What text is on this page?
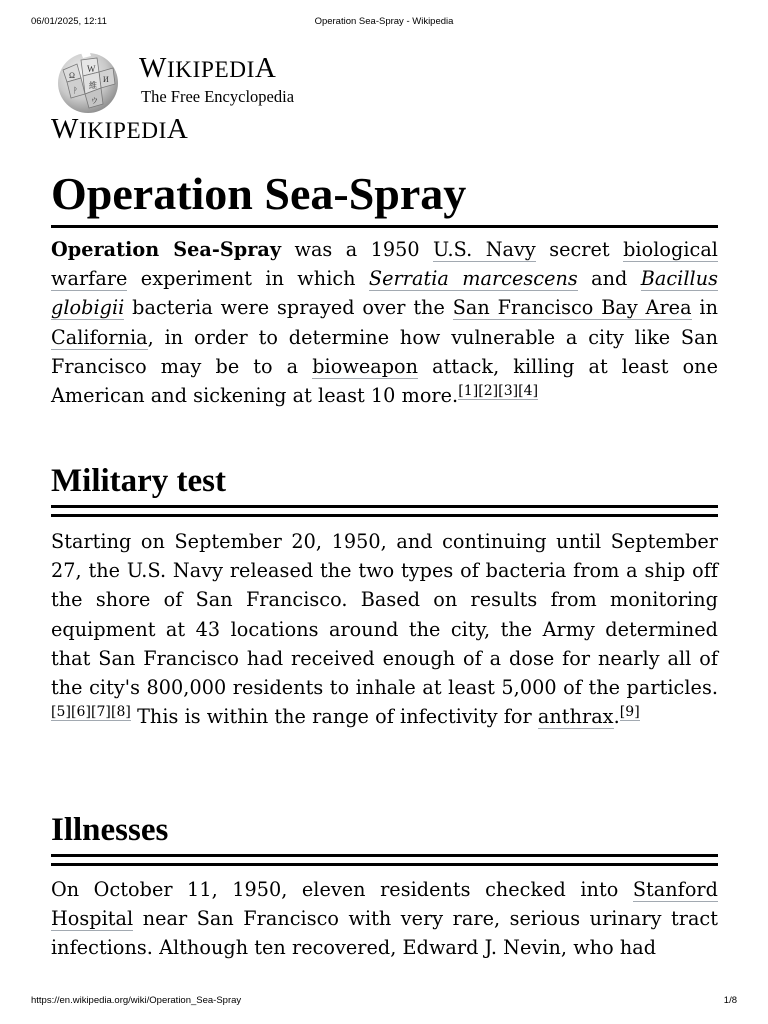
06/01/2025, 12:11	Operation Sea-Spray - Wikipedia
W
Ω	И
ᚹ
維
ウ
WIKIPEDIA
The Free Encyclopedia
WIKIPEDIA
Operation Sea-Spray

Operation Sea-Spray was a 1950 U.S. Navy secret biological warfare experiment in which Serratia marcescens and Bacillus globigii bacteria were sprayed over the San Francisco Bay Area in California, in order to determine how vulnerable a city like San Francisco may be to a bioweapon attack, killing at least one American and sickening at least 10 more.[1][2][3][4]

Military test

Starting on September 20, 1950, and continuing until September 27, the U.S. Navy released the two types of bacteria from a ship off the shore of San Francisco. Based on results from monitoring equipment at 43 locations around the city, the Army determined that San Francisco had received enough of a dose for nearly all of the city's 800,000 residents to inhale at least 5,000 of the particles.[5][6][7][8] This is within the range of infectivity for anthrax.[9]

Illnesses

On October 11, 1950, eleven residents checked into Stanford Hospital near San Francisco with very rare, serious urinary tract infections. Although ten recovered, Edward J. Nevin, who had

https://en.wikipedia.org/wiki/Operation_Sea-Spray	1/8
